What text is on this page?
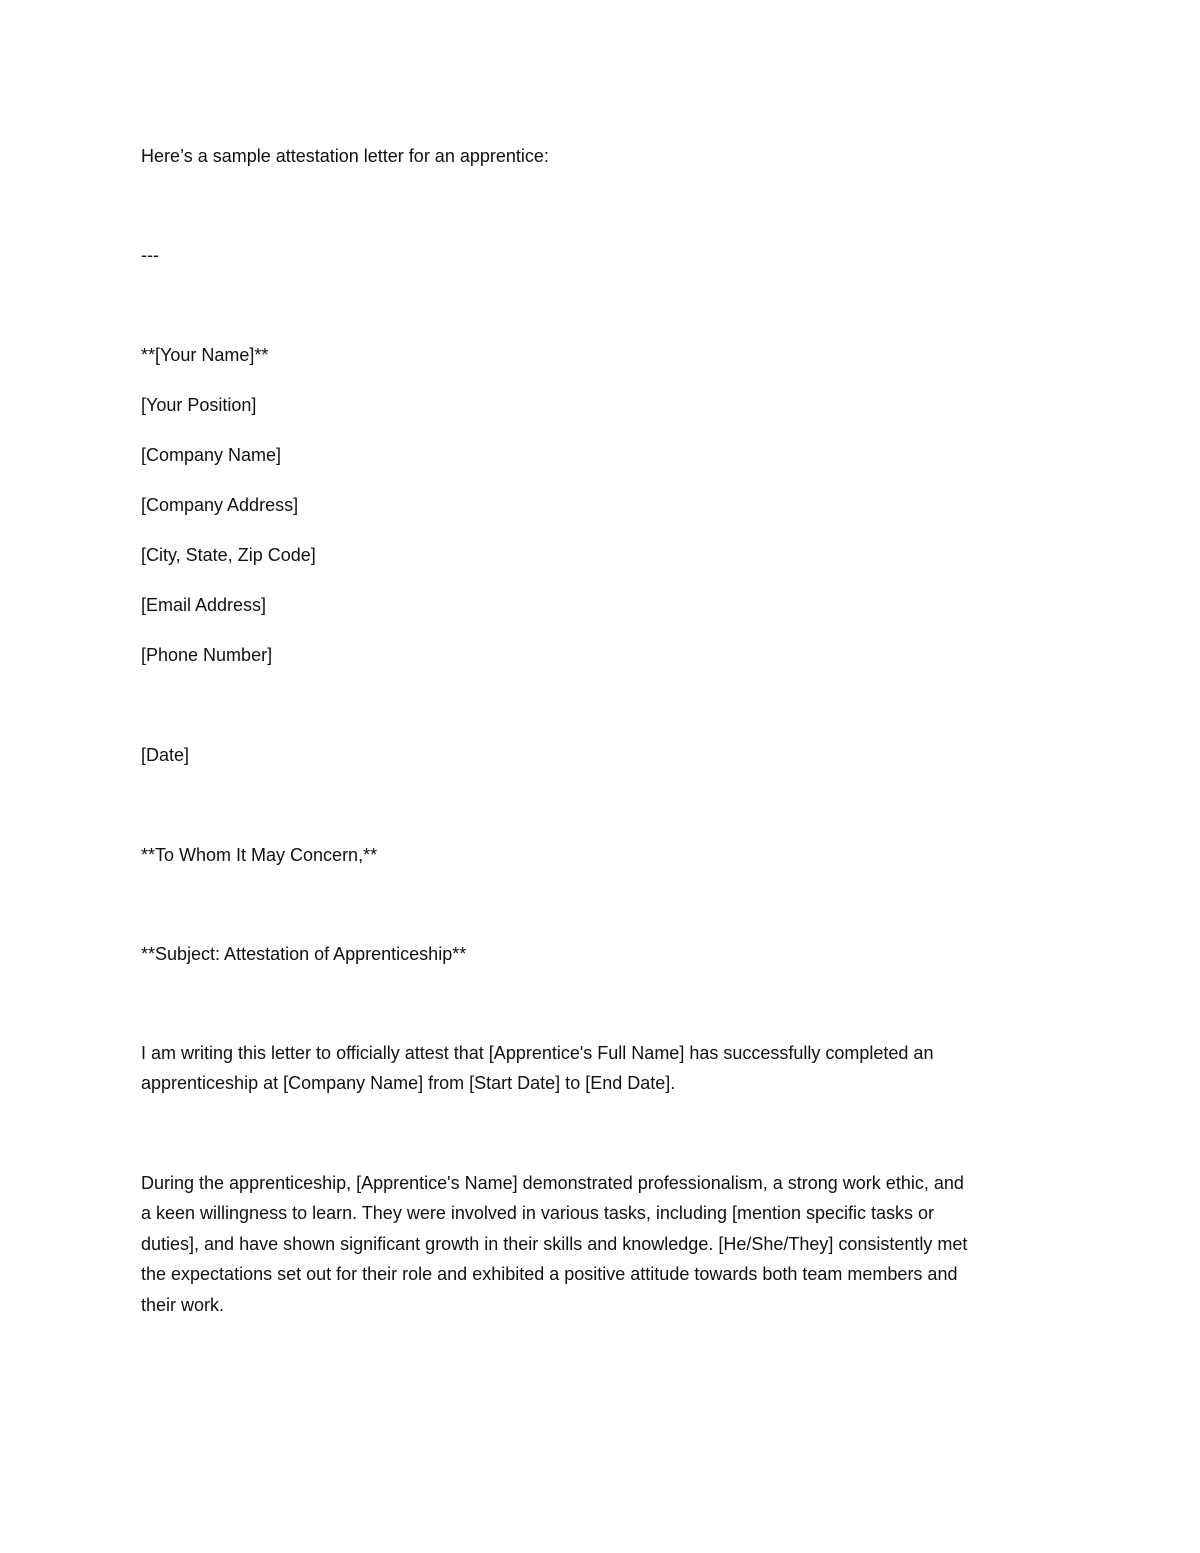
Here’s a sample attestation letter for an apprentice:

---

**[Your Name]**

[Your Position]

[Company Name]

[Company Address]

[City, State, Zip Code]

[Email Address]

[Phone Number]

[Date]

**To Whom It May Concern,**

**Subject: Attestation of Apprenticeship**

I am writing this letter to officially attest that [Apprentice's Full Name] has successfully completed an
apprenticeship at [Company Name] from [Start Date] to [End Date].
During the apprenticeship, [Apprentice's Name] demonstrated professionalism, a strong work ethic, and
a keen willingness to learn. They were involved in various tasks, including [mention specific tasks or
duties], and have shown significant growth in their skills and knowledge. [He/She/They] consistently met
the expectations set out for their role and exhibited a positive attitude towards both team members and
their work.
